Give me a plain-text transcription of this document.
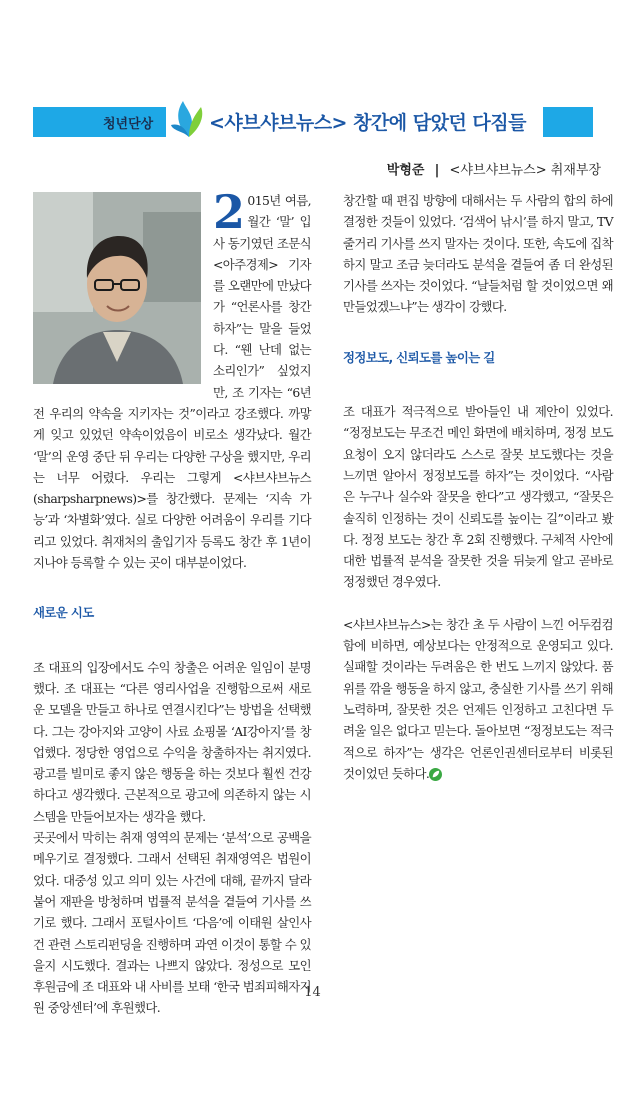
청년단상	<샤브샤브뉴스> 창간에 담았던 다짐들
박형준 | <샤브샤브뉴스> 취재부장
2 015년 여름, 월간 ‘말’ 입사 동기였던 조문식 <아주경제> 기자를 오랜만에 만났다가 “언론사를 창간하자”는 말을 들었다. “웬 난데 없는 소리인가” 싶었지만, 조 기자는 “6년 전 우리의 약속을 지키자는 것”이라고 강조했다. 까맣게 잊고 있었던 약속이었음이 비로소 생각났다. 월간 ‘말’의 운영 중단 뒤 우리는 다양한 구상을 했지만, 우리는 너무 어렸다. 우리는 그렇게 <샤브샤브뉴스 (sharpsharpnews)>를 창간했다. 문제는 ‘지속 가능’과 ‘차별화’였다. 실로 다양한 어려움이 우리를 기다리고 있었다. 취재처의 출입기자 등록도 창간 후 1년이 지나야 등록할 수 있는 곳이 대부분이었다.

새로운 시도

조 대표의 입장에서도 수익 창출은 어려운 일임이 분명했다. 조 대표는 “다른 영리사업을 진행함으로써 새로운 모델을 만들고 하나로 연결시킨다”는 방법을 선택했다. 그는 강아지와 고양이 사료 쇼핑몰 ‘AI강아지’를 창업했다. 정당한 영업으로 수익을 창출하자는 취지였다. 광고를 빌미로 좋지 않은 행동을 하는 것보다 훨씬 건강하다고 생각했다. 근본적으로 광고에 의존하지 않는 시스템을 만들어보자는 생각을 했다.

곳곳에서 막히는 취재 영역의 문제는 ‘분석’으로 공백을 메우기로 결정했다. 그래서 선택된 취재영역은 법원이었다. 대중성 있고 의미 있는 사건에 대해, 끝까지 달라붙어 재판을 방청하며 법률적 분석을 곁들여 기사를 쓰기로 했다. 그래서 포털사이트 ‘다음’에 이태원 살인사건 관련 스토리펀딩을 진행하며 과연 이것이 통할 수 있을지 시도했다. 결과는 나쁘지 않았다. 정성으로 모인 후원금에 조 대표와 내 사비를 보태 ‘한국 범죄피해자지원 중앙센터’에 후원했다.

창간할 때 편집 방향에 대해서는 두 사람의 합의 하에 결정한 것들이 있었다. ‘검색어 낚시’를 하지 말고, TV 줄거리 기사를 쓰지 말자는 것이다. 또한, 속도에 집착하지 말고 조금 늦더라도 분석을 곁들여 좀 더 완성된 기사를 쓰자는 것이었다. “날들처럼 할 것이었으면 왜 만들었겠느냐”는 생각이 강했다.

정정보도, 신뢰도를 높이는 길

조 대표가 적극적으로 받아들인 내 제안이 있었다. “정정보도는 무조건 메인 화면에 배치하며, 정정 보도 요청이 오지 않더라도 스스로 잘못 보도했다는 것을 느끼면 알아서 정정보도를 하자”는 것이었다. “사람은 누구나 실수와 잘못을 한다”고 생각했고, “잘못은 솔직히 인정하는 것이 신뢰도를 높이는 길”이라고 봤다. 정정 보도는 창간 후 2회 진행했다. 구체적 사안에 대한 법률적 분석을 잘못한 것을 뒤늦게 알고 곧바로 정정했던 경우였다.

<샤브샤브뉴스>는 창간 초 두 사람이 느낀 어두컴컴함에 비하면, 예상보다는 안정적으로 운영되고 있다. 실패할 것이라는 두려움은 한 번도 느끼지 않았다. 품위를 깎을 행동을 하지 않고, 충실한 기사를 쓰기 위해 노력하며, 잘못한 것은 언제든 인정하고 고친다면 두려울 일은 없다고 믿는다. 돌아보면 “정정보도는 적극적으로 하자”는 생각은 언론인권센터로부터 비롯된 것이었던 듯하다.

14
